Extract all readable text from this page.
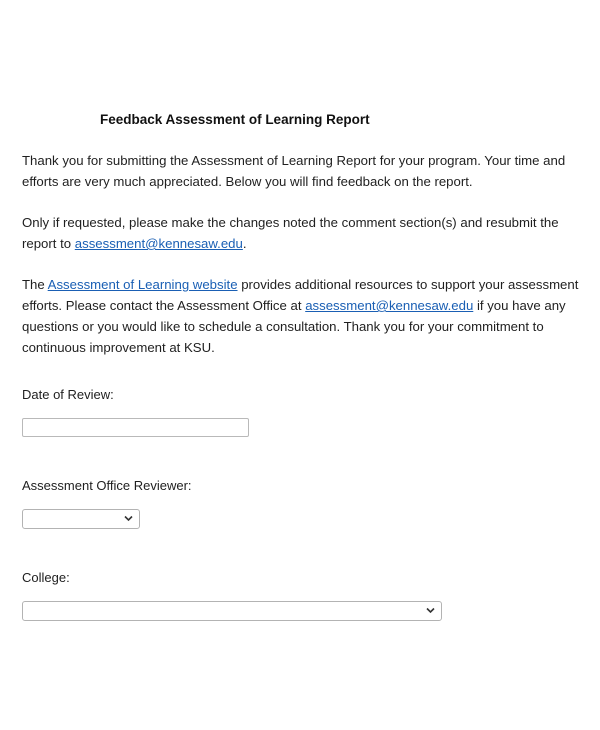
Feedback Assessment of Learning Report

Thank you for submitting the Assessment of Learning Report for your program. Your time and efforts are very much appreciated. Below you will find feedback on the report.

Only if requested, please make the changes noted the comment section(s) and resubmit the report to assessment@kennesaw.edu.

The Assessment of Learning website provides additional resources to support your assessment efforts. Please contact the Assessment Office at assessment@kennesaw.edu if you have any questions or you would like to schedule a consultation. Thank you for your commitment to continuous improvement at KSU.

Date of Review:

Assessment Office Reviewer:

College:
